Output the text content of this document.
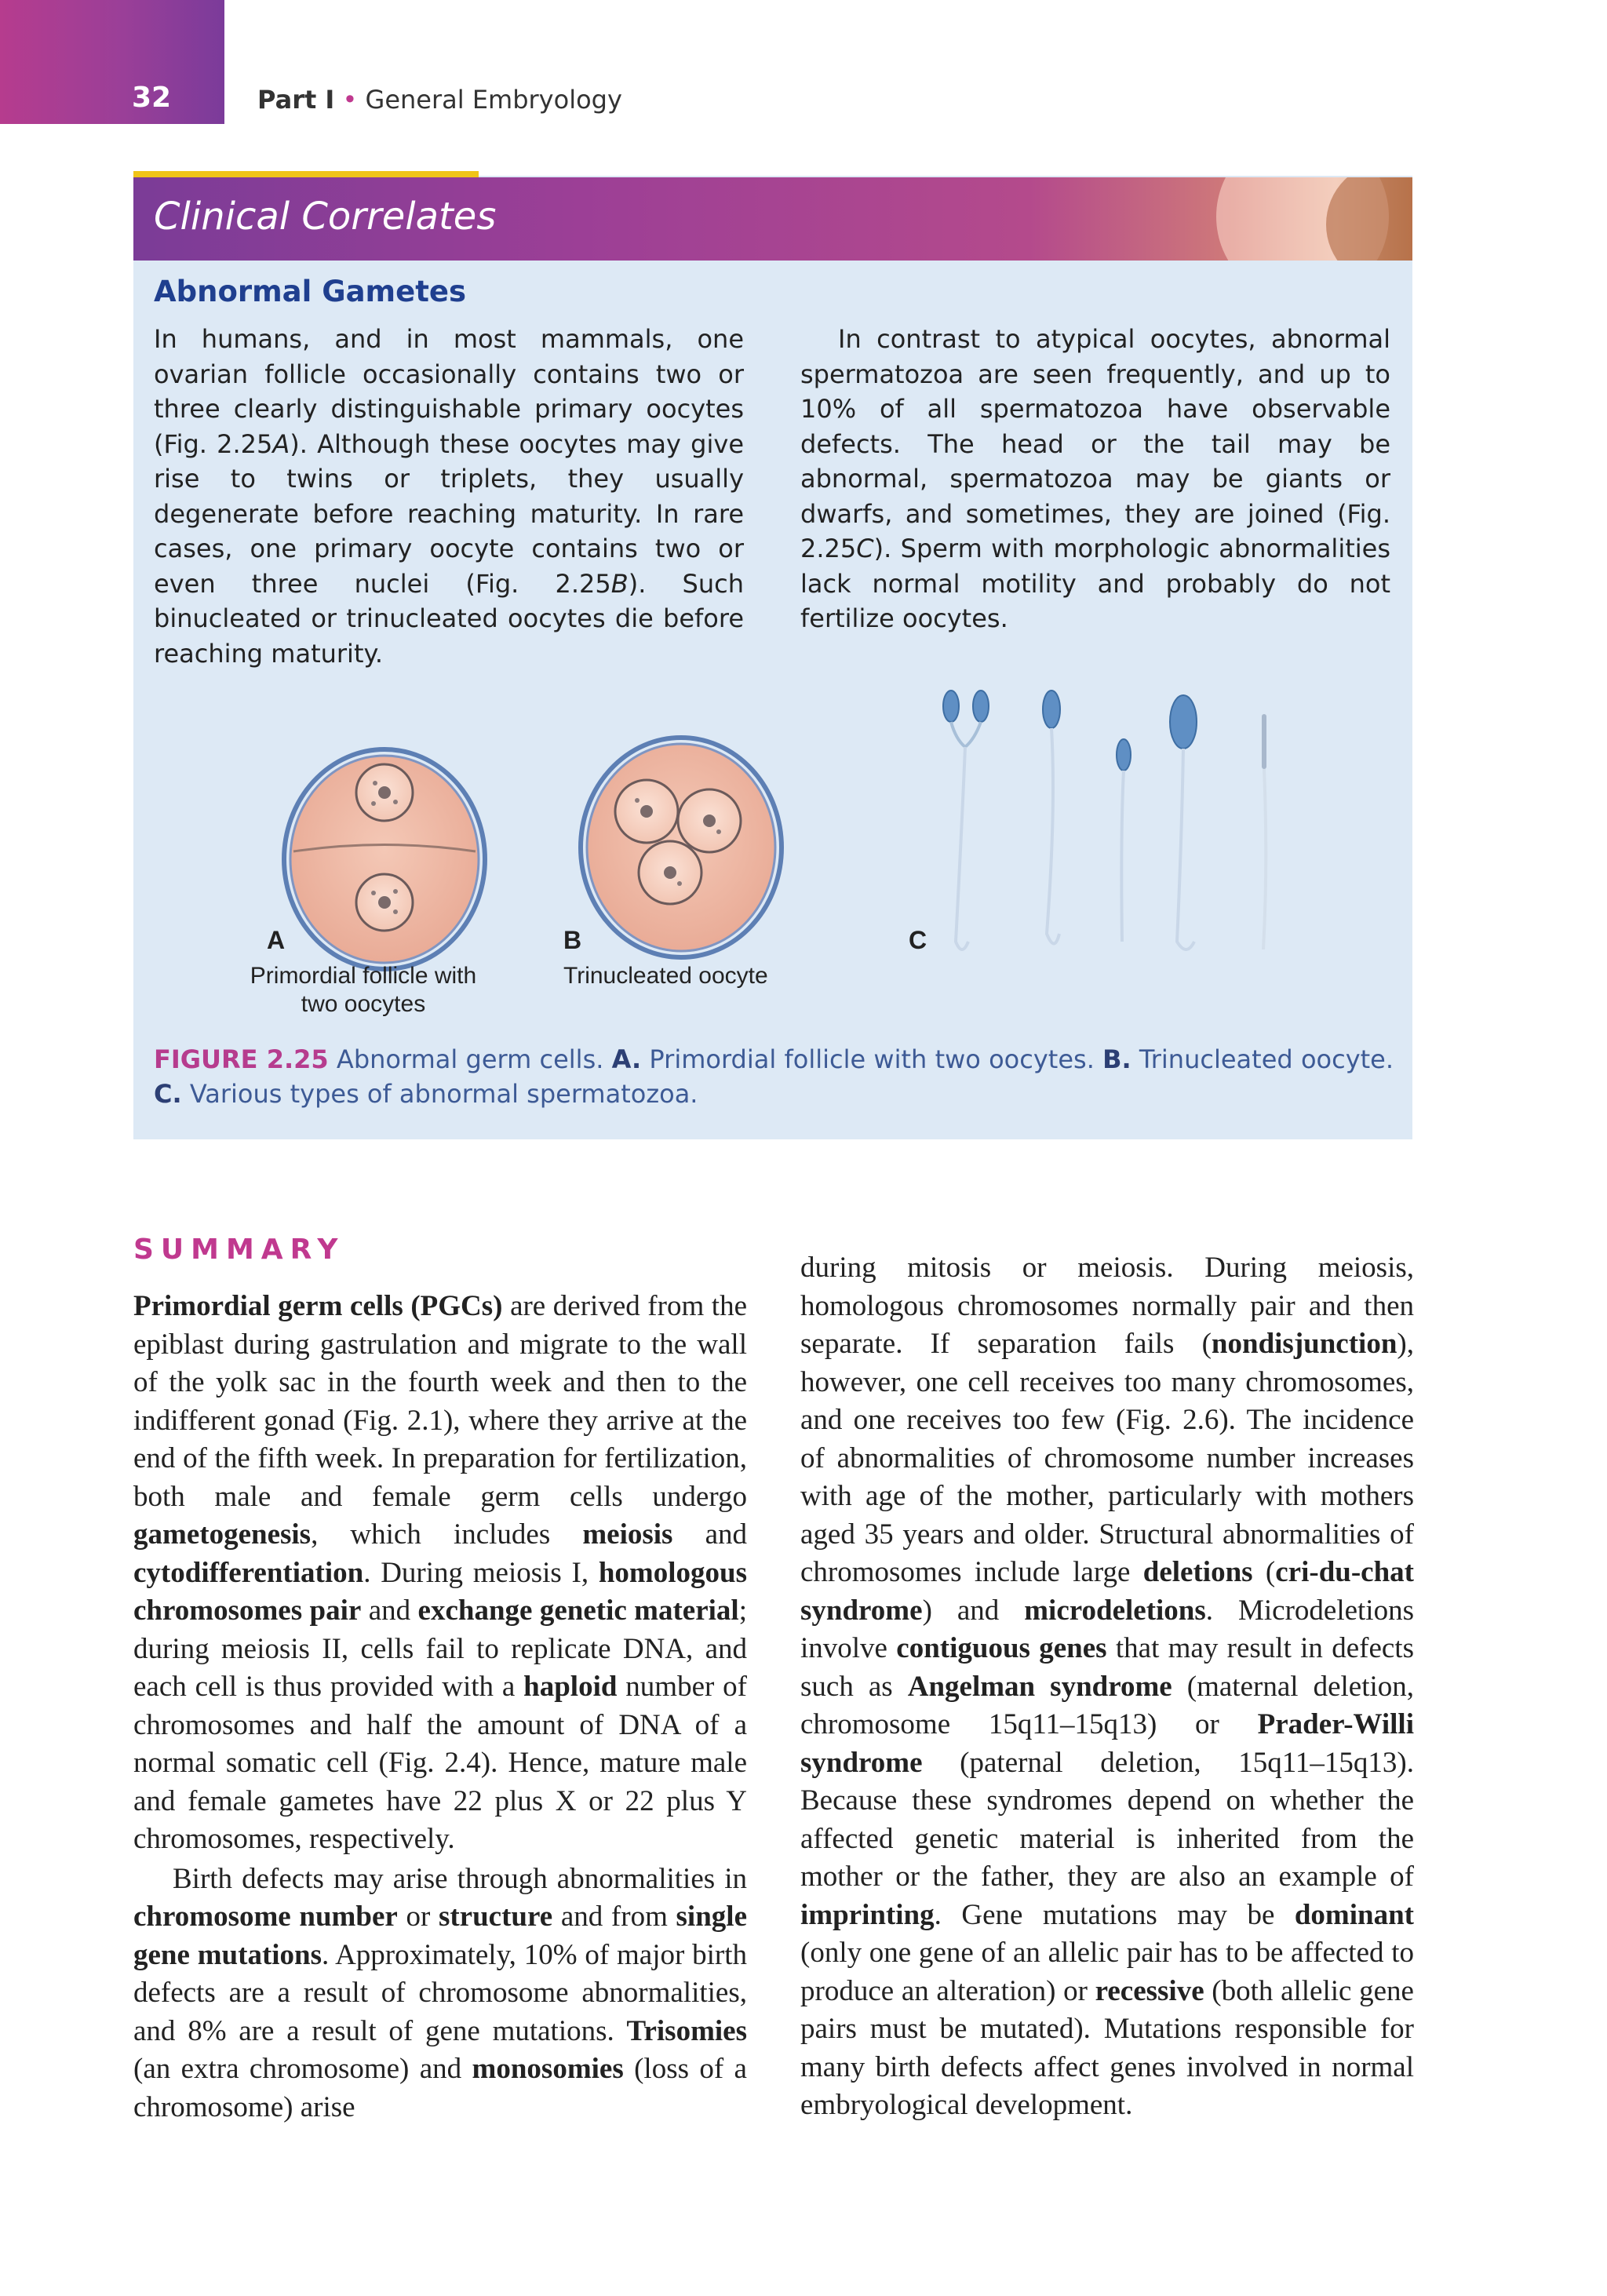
32	Part I • General Embryology
Clinical Correlates
Abnormal Gametes

In humans, and in most mammals, one ovarian follicle occasionally contains two or three clearly distinguishable primary oocytes (Fig. 2.25A). Although these oocytes may give rise to twins or triplets, they usually degenerate before reaching maturity. In rare cases, one primary oocyte contains two or even three nuclei (Fig. 2.25B). Such binucleated or trinucleated oocytes die before reaching maturity.

In contrast to atypical oocytes, abnormal spermatozoa are seen frequently, and up to 10% of all spermatozoa have observable defects. The head or the tail may be abnormal, spermatozoa may be giants or dwarfs, and sometimes, they are joined (Fig. 2.25C). Sperm with morphologic abnormalities lack normal motility and probably do not fertilize oocytes.

A
Primordial follicle with two oocytes
B
Trinucleated oocyte
C

FIGURE 2.25 Abnormal germ cells. A. Primordial follicle with two oocytes. B. Trinucleated oocyte. C. Various types of abnormal spermatozoa.

SUMMARY

Primordial germ cells (PGCs) are derived from the epiblast during gastrulation and migrate to the wall of the yolk sac in the fourth week and then to the indifferent gonad (Fig. 2.1), where they arrive at the end of the fifth week. In preparation for fertilization, both male and female germ cells undergo gametogenesis, which includes meiosis and cytodifferentiation. During meiosis I, homologous chromosomes pair and exchange genetic material; during meiosis II, cells fail to replicate DNA, and each cell is thus provided with a haploid number of chromosomes and half the amount of DNA of a normal somatic cell (Fig. 2.4). Hence, mature male and female gametes have 22 plus X or 22 plus Y chromosomes, respectively.
Birth defects may arise through abnormalities in chromosome number or structure and from single gene mutations. Approximately, 10% of major birth defects are a result of chromosome abnormalities, and 8% are a result of gene mutations. Trisomies (an extra chromosome) and monosomies (loss of a chromosome) arise

during mitosis or meiosis. During meiosis, homologous chromosomes normally pair and then separate. If separation fails (nondisjunction), however, one cell receives too many chromosomes, and one receives too few (Fig. 2.6). The incidence of abnormalities of chromosome number increases with age of the mother, particularly with mothers aged 35 years and older. Structural abnormalities of chromosomes include large deletions (cri-du-chat syndrome) and microdeletions. Microdeletions involve contiguous genes that may result in defects such as Angelman syndrome (maternal deletion, chromosome 15q11–15q13) or Prader-Willi syndrome (paternal deletion, 15q11–15q13). Because these syndromes depend on whether the affected genetic material is inherited from the mother or the father, they are also an example of imprinting. Gene mutations may be dominant (only one gene of an allelic pair has to be affected to produce an alteration) or recessive (both allelic gene pairs must be mutated). Mutations responsible for many birth defects affect genes involved in normal embryological development.
